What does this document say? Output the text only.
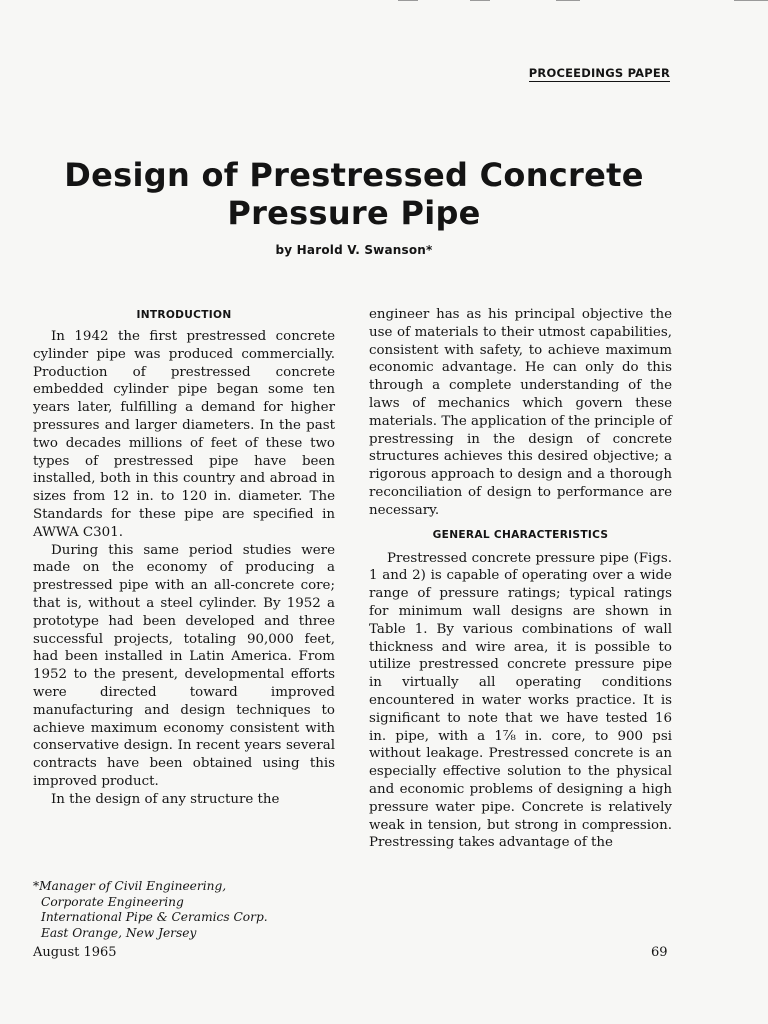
PROCEEDINGS PAPER
Design of Prestressed Concrete
Pressure Pipe
by Harold V. Swanson*
INTRODUCTION

In 1942 the first prestressed concrete cylinder pipe was produced commercially. Production of prestressed concrete embedded cylinder pipe began some ten years later, fulfilling a demand for higher pressures and larger diameters. In the past two decades millions of feet of these two types of prestressed pipe have been installed, both in this country and abroad in sizes from 12 in. to 120 in. diameter. The Standards for these pipe are specified in AWWA C301.

During this same period studies were made on the economy of producing a prestressed pipe with an all-concrete core; that is, without a steel cylinder. By 1952 a prototype had been developed and three successful projects, totaling 90,000 feet, had been installed in Latin America. From 1952 to the present, developmental efforts were directed toward improved manufacturing and design techniques to achieve maximum economy consistent with conservative design. In recent years several contracts have been obtained using this improved product.

In the design of any structure the

engineer has as his principal objective the use of materials to their utmost capabilities, consistent with safety, to achieve maximum economic advantage. He can only do this through a complete understanding of the laws of mechanics which govern these materials. The application of the principle of prestressing in the design of concrete structures achieves this desired objective; a rigorous approach to design and a thorough reconciliation of design to performance are necessary.

GENERAL CHARACTERISTICS

Prestressed concrete pressure pipe (Figs. 1 and 2) is capable of operating over a wide range of pressure ratings; typical ratings for minimum wall designs are shown in Table 1. By various combinations of wall thickness and wire area, it is possible to utilize prestressed concrete pressure pipe in virtually all operating conditions encountered in water works practice. It is significant to note that we have tested 16 in. pipe, with a 1⅞ in. core, to 900 psi without leakage. Prestressed concrete is an especially effective solution to the physical and economic problems of designing a high pressure water pipe. Concrete is relatively weak in tension, but strong in compression. Prestressing takes advantage of the

*Manager of Civil Engineering,
Corporate Engineering
International Pipe & Ceramics Corp.
East Orange, New Jersey
August 1965	69
